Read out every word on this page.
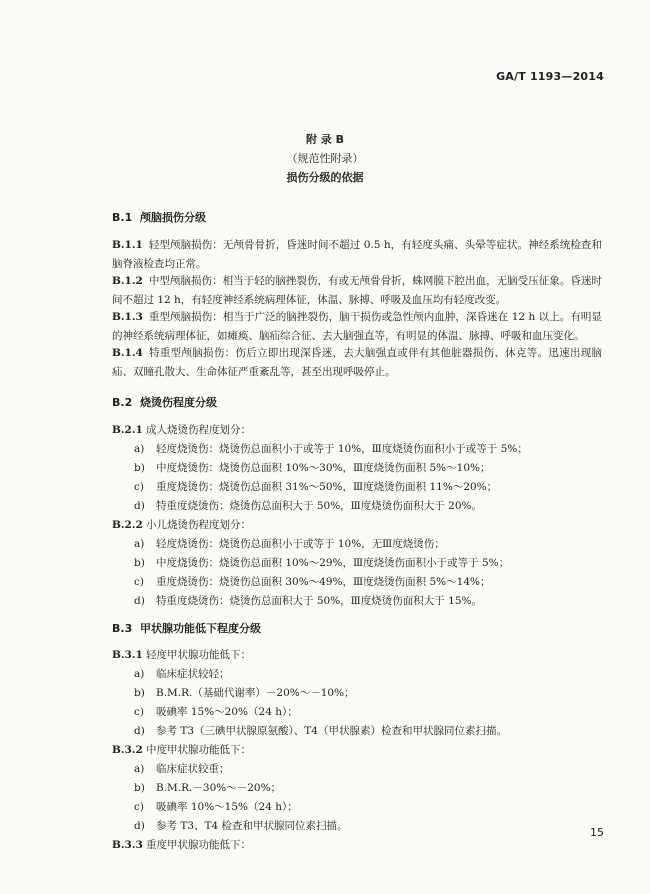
GA/T 1193—2014
附 录 B
（规范性附录）
损伤分级的依据
B.1 颅脑损伤分级

B.1.1 轻型颅脑损伤：无颅骨骨折，昏迷时间不超过 0.5 h，有轻度头痛、头晕等症状。神经系统检查和脑脊液检查均正常。

B.1.2 中型颅脑损伤：相当于轻的脑挫裂伤，有或无颅骨骨折，蛛网膜下腔出血，无脑受压征象。昏迷时间不超过 12 h，有轻度神经系统病理体征，体温、脉搏、呼吸及血压均有轻度改变。

B.1.3 重型颅脑损伤：相当于广泛的脑挫裂伤，脑干损伤或急性颅内血肿，深昏迷在 12 h 以上。有明显的神经系统病理体征，如瘫痪、脑疝综合征、去大脑强直等，有明显的体温、脉搏、呼吸和血压变化。

B.1.4 特重型颅脑损伤：伤后立即出现深昏迷，去大脑强直或伴有其他脏器损伤、休克等。迅速出现脑疝、双瞳孔散大、生命体征严重紊乱等，甚至出现呼吸停止。

B.2 烧烫伤程度分级
B.2.1 成人烧烫伤程度划分：
a) 轻度烧烫伤：烧烫伤总面积小于或等于 10%，Ⅲ度烧烫伤面积小于或等于 5%；
b) 中度烧烫伤：烧烫伤总面积 10%～30%，Ⅲ度烧烫伤面积 5%～10%；
c) 重度烧烫伤：烧烫伤总面积 31%～50%，Ⅲ度烧烫伤面积 11%～20%；
d) 特重度烧烫伤：烧烫伤总面积大于 50%，Ⅲ度烧烫伤面积大于 20%。
B.2.2 小儿烧烫伤程度划分：
a) 轻度烧烫伤：烧烫伤总面积小于或等于 10%，无Ⅲ度烧烫伤；
b) 中度烧烫伤：烧烫伤总面积 10%～29%，Ⅲ度烧烫伤面积小于或等于 5%；
c) 重度烧烫伤：烧烫伤总面积 30%～49%，Ⅲ度烧烫伤面积 5%～14%；
d) 特重度烧烫伤：烧烫伤总面积大于 50%，Ⅲ度烧烫伤面积大于 15%。
B.3 甲状腺功能低下程度分级
B.3.1 轻度甲状腺功能低下：
a) 临床症状较轻；
b) B.M.R.（基础代谢率）－20%～－10%；
c) 吸碘率 15%～20%（24 h）；
d) 参考 T3（三碘甲状腺原氨酸）、T4（甲状腺素）检查和甲状腺同位素扫描。
B.3.2 中度甲状腺功能低下：
a) 临床症状较重；
b) B.M.R.－30%～－20%；
c) 吸碘率 10%～15%（24 h）；
d) 参考 T3、T4 检查和甲状腺同位素扫描。
B.3.3 重度甲状腺功能低下：
15
